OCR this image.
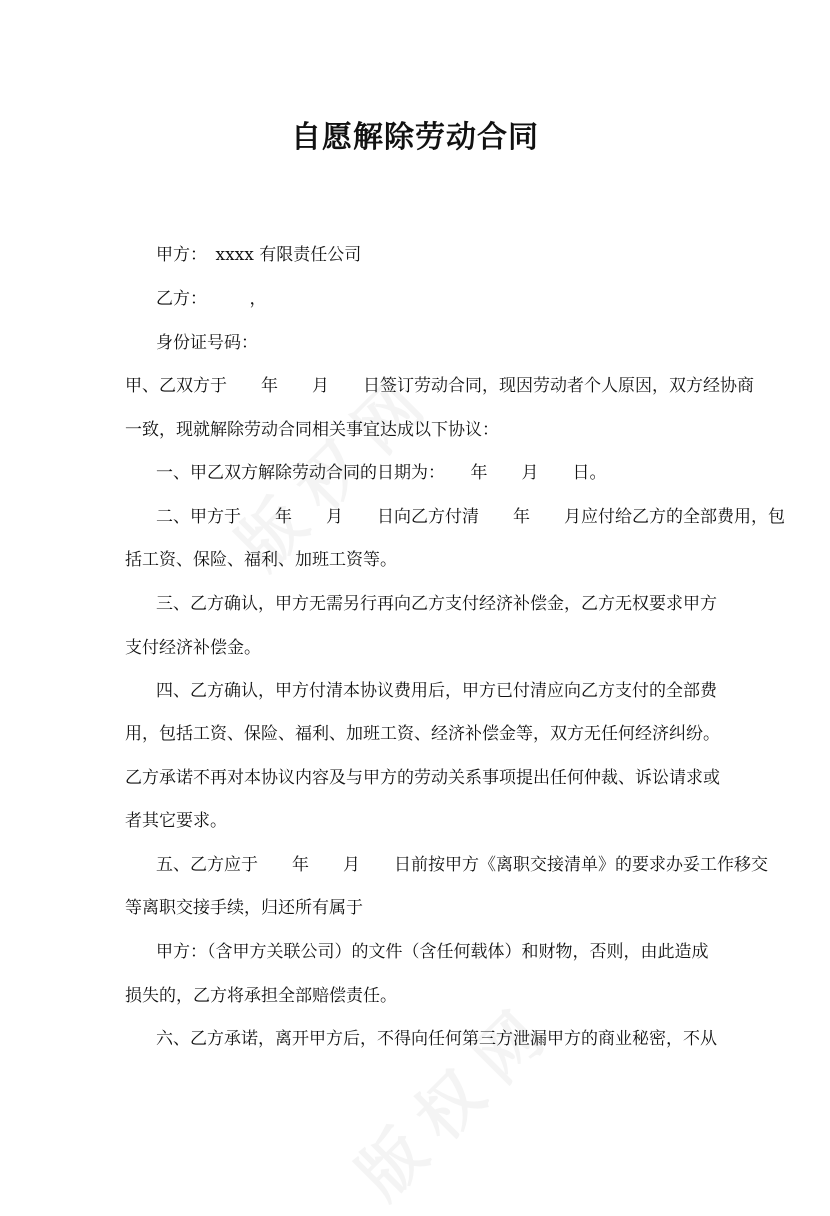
自愿解除劳动合同
甲方：　xxxx 有限责任公司
乙方：　　　，
身份证号码：
甲、乙双方于　　年　　月　　日签订劳动合同，现因劳动者个人原因，双方经协商
一致，现就解除劳动合同相关事宜达成以下协议：
一、甲乙双方解除劳动合同的日期为：　　年　　月　　日。
二、甲方于　　年　　月　　日向乙方付清　　年　　月应付给乙方的全部费用，包
括工资、保险、福利、加班工资等。
三、乙方确认，甲方无需另行再向乙方支付经济补偿金，乙方无权要求甲方
支付经济补偿金。
四、乙方确认，甲方付清本协议费用后，甲方已付清应向乙方支付的全部费
用，包括工资、保险、福利、加班工资、经济补偿金等，双方无任何经济纠纷。
乙方承诺不再对本协议内容及与甲方的劳动关系事项提出任何仲裁、诉讼请求或
者其它要求。
五、乙方应于　　年　　月　　日前按甲方《离职交接清单》的要求办妥工作移交
等离职交接手续，归还所有属于
甲方：（含甲方关联公司）的文件（含任何载体）和财物，否则，由此造成
损失的，乙方将承担全部赔偿责任。
六、乙方承诺，离开甲方后，不得向任何第三方泄漏甲方的商业秘密，不从
